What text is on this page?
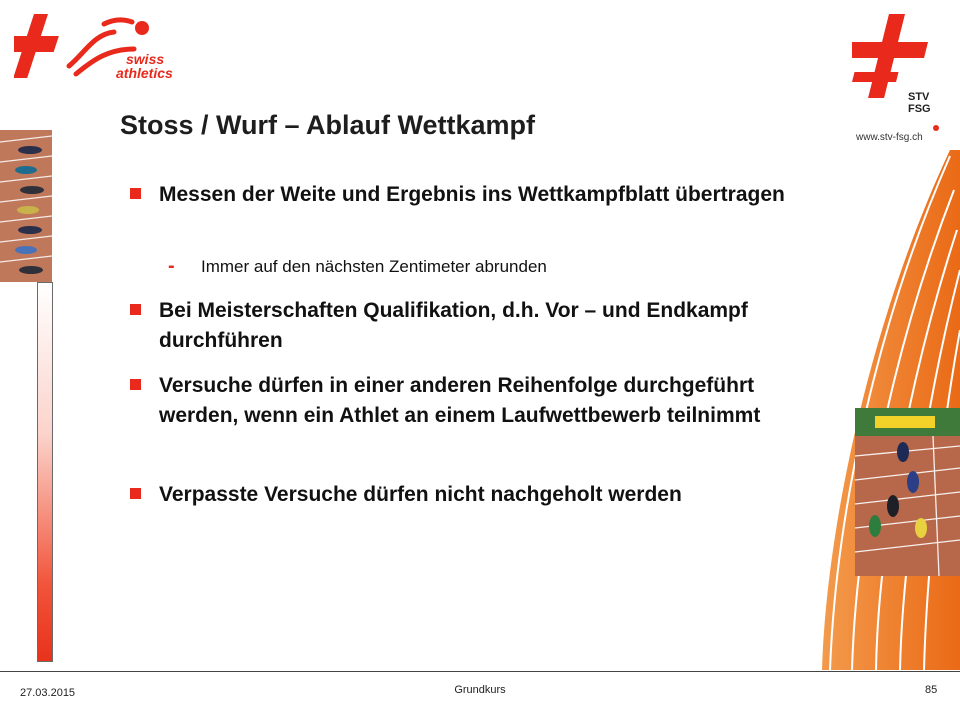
swiss
athletics
STV
FSG
www.stv-fsg.ch
Stoss / Wurf – Ablauf Wettkampf
Messen der Weite und Ergebnis ins Wettkampfblatt übertragen
- Immer auf den nächsten Zentimeter abrunden
Bei Meisterschaften Qualifikation, d.h. Vor – und Endkampf durchführen
Versuche dürfen in einer anderen Reihenfolge durchgeführt werden, wenn ein Athlet an einem Laufwettbewerb teilnimmt
Verpasste Versuche dürfen nicht nachgeholt werden
27.03.2015	Grundkurs	85
